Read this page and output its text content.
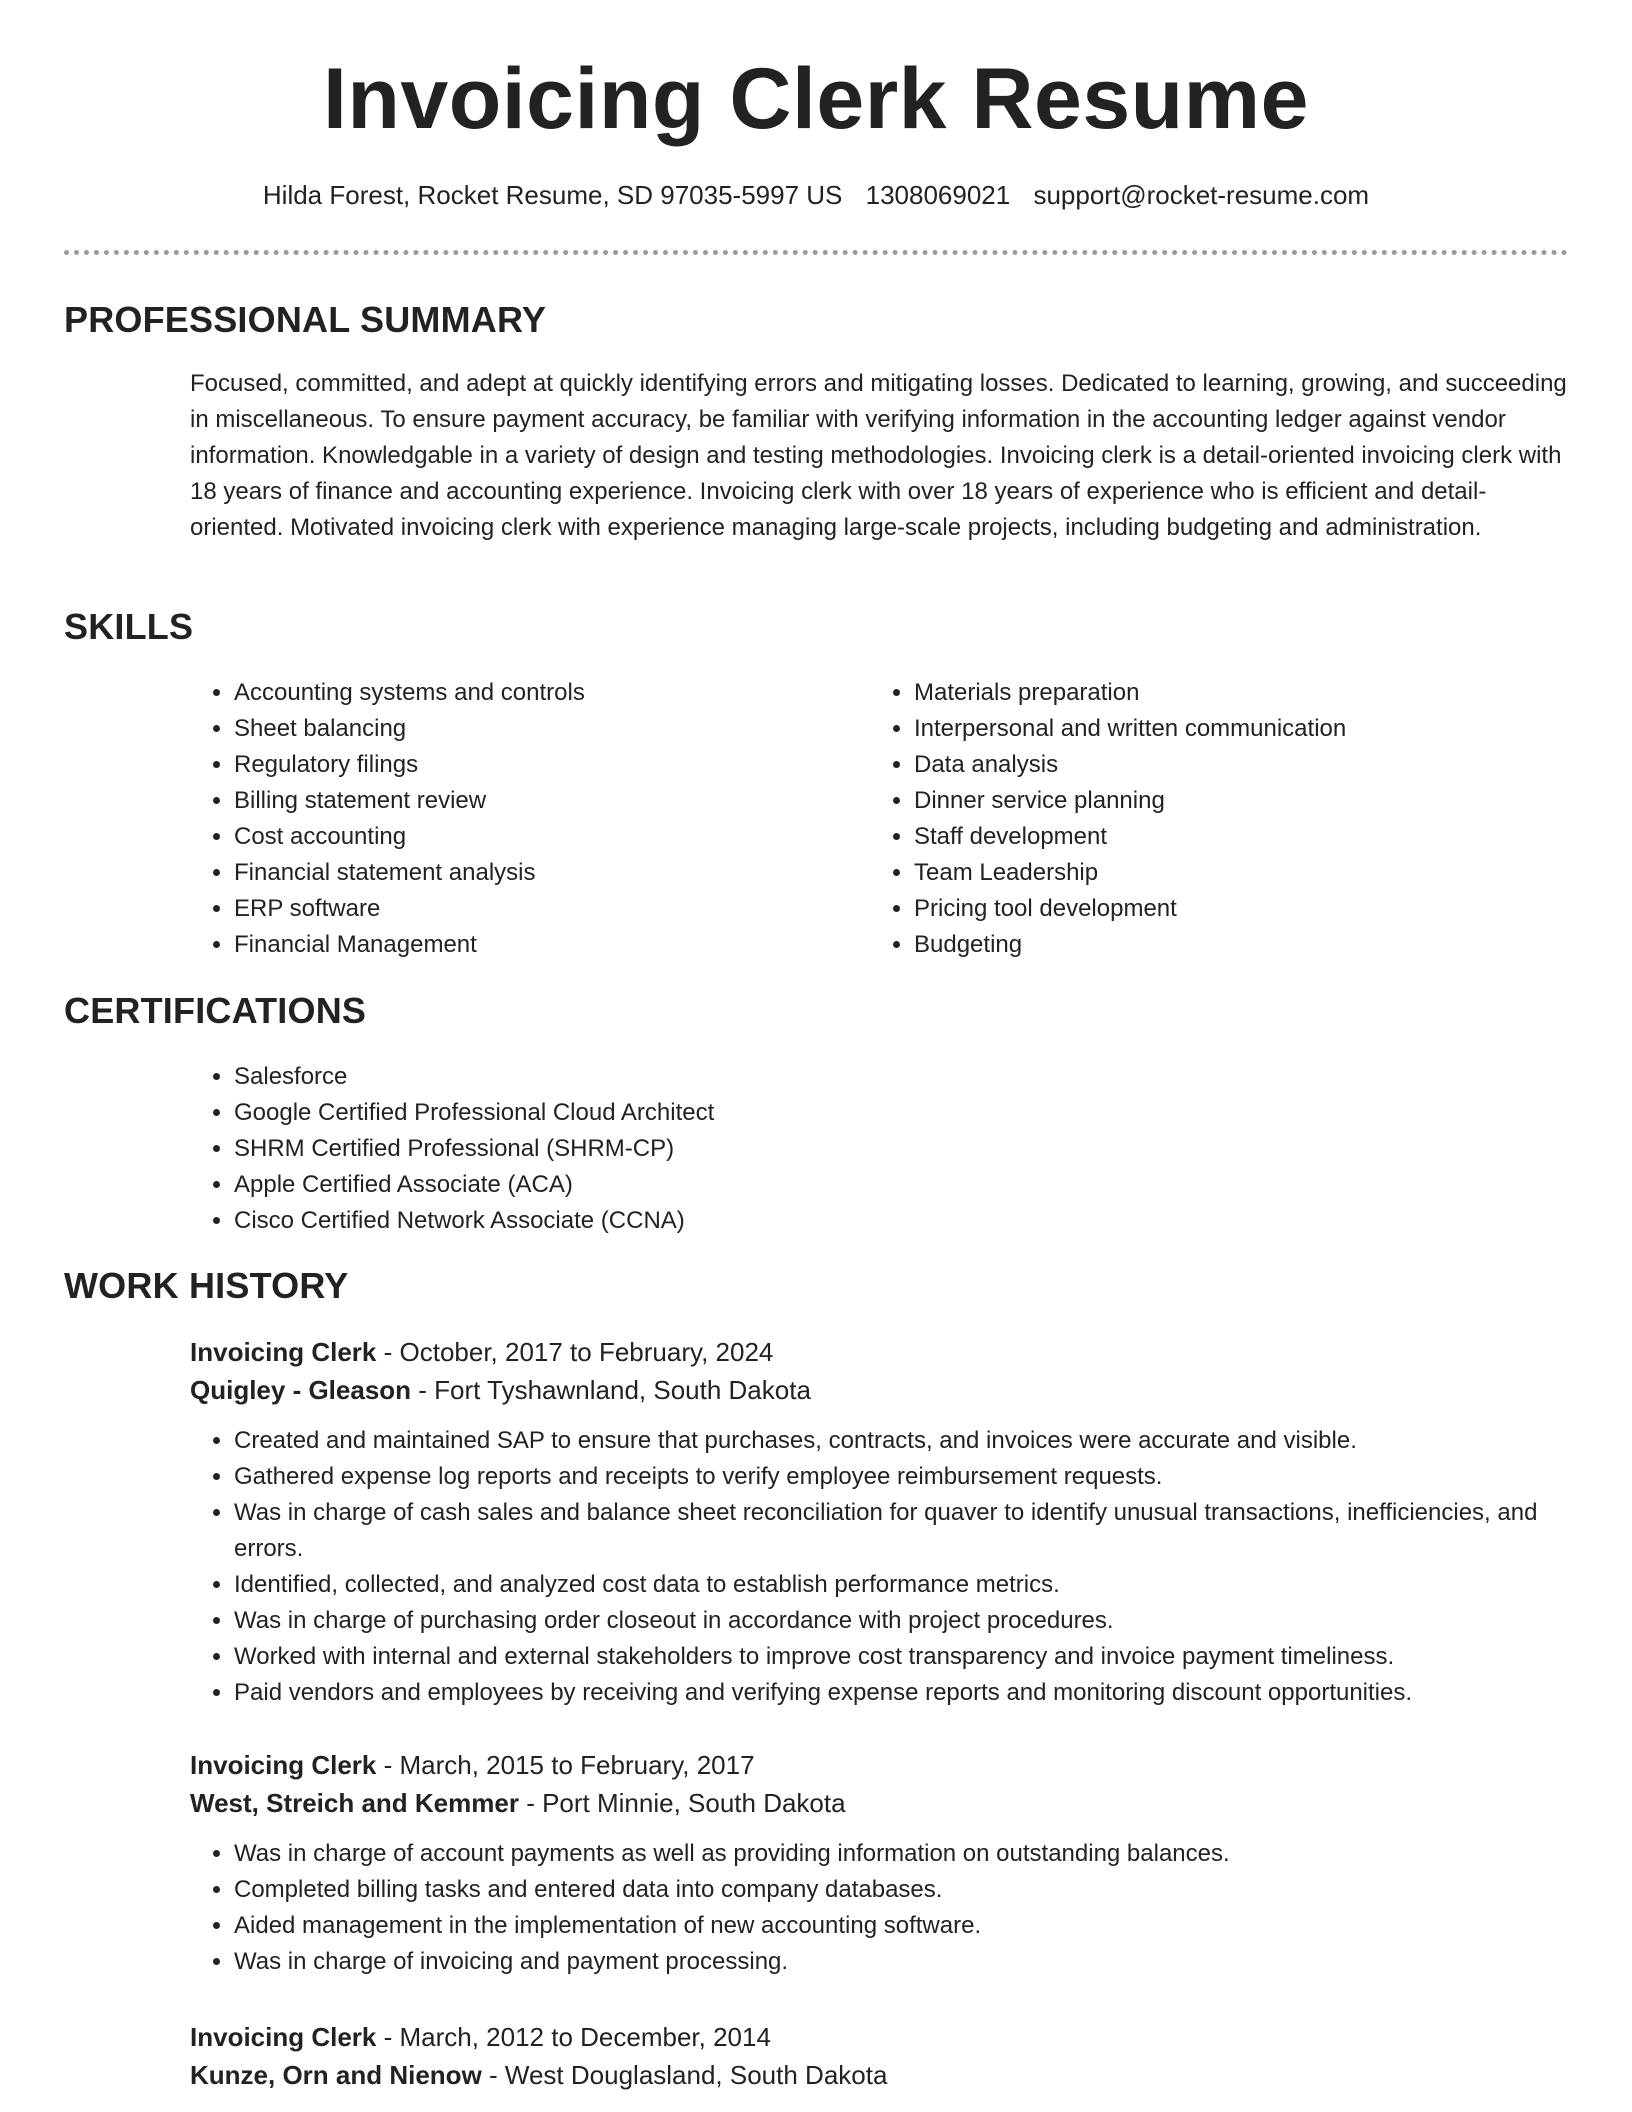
Invoicing Clerk Resume
Hilda Forest, Rocket Resume, SD 97035-5997 US 1308069021 support@rocket-resume.com
PROFESSIONAL SUMMARY
Focused, committed, and adept at quickly identifying errors and mitigating losses. Dedicated to learning, growing, and succeeding in miscellaneous. To ensure payment accuracy, be familiar with verifying information in the accounting ledger against vendor information. Knowledgable in a variety of design and testing methodologies. Invoicing clerk is a detail-oriented invoicing clerk with 18 years of finance and accounting experience. Invoicing clerk with over 18 years of experience who is efficient and detail-oriented. Motivated invoicing clerk with experience managing large-scale projects, including budgeting and administration.
SKILLS
• Accounting systems and controls
• Sheet balancing
• Regulatory filings
• Billing statement review
• Cost accounting
• Financial statement analysis
• ERP software
• Financial Management
• Materials preparation
• Interpersonal and written communication
• Data analysis
• Dinner service planning
• Staff development
• Team Leadership
• Pricing tool development
• Budgeting
CERTIFICATIONS
• Salesforce
• Google Certified Professional Cloud Architect
• SHRM Certified Professional (SHRM-CP)
• Apple Certified Associate (ACA)
• Cisco Certified Network Associate (CCNA)
WORK HISTORY
Invoicing Clerk - October, 2017 to February, 2024
Quigley - Gleason - Fort Tyshawnland, South Dakota
• Created and maintained SAP to ensure that purchases, contracts, and invoices were accurate and visible.
• Gathered expense log reports and receipts to verify employee reimbursement requests.
• Was in charge of cash sales and balance sheet reconciliation for quaver to identify unusual transactions, inefficiencies, and errors.
• Identified, collected, and analyzed cost data to establish performance metrics.
• Was in charge of purchasing order closeout in accordance with project procedures.
• Worked with internal and external stakeholders to improve cost transparency and invoice payment timeliness.
• Paid vendors and employees by receiving and verifying expense reports and monitoring discount opportunities.
Invoicing Clerk - March, 2015 to February, 2017
West, Streich and Kemmer - Port Minnie, South Dakota
• Was in charge of account payments as well as providing information on outstanding balances.
• Completed billing tasks and entered data into company databases.
• Aided management in the implementation of new accounting software.
• Was in charge of invoicing and payment processing.
Invoicing Clerk - March, 2012 to December, 2014
Kunze, Orn and Nienow - West Douglasland, South Dakota
